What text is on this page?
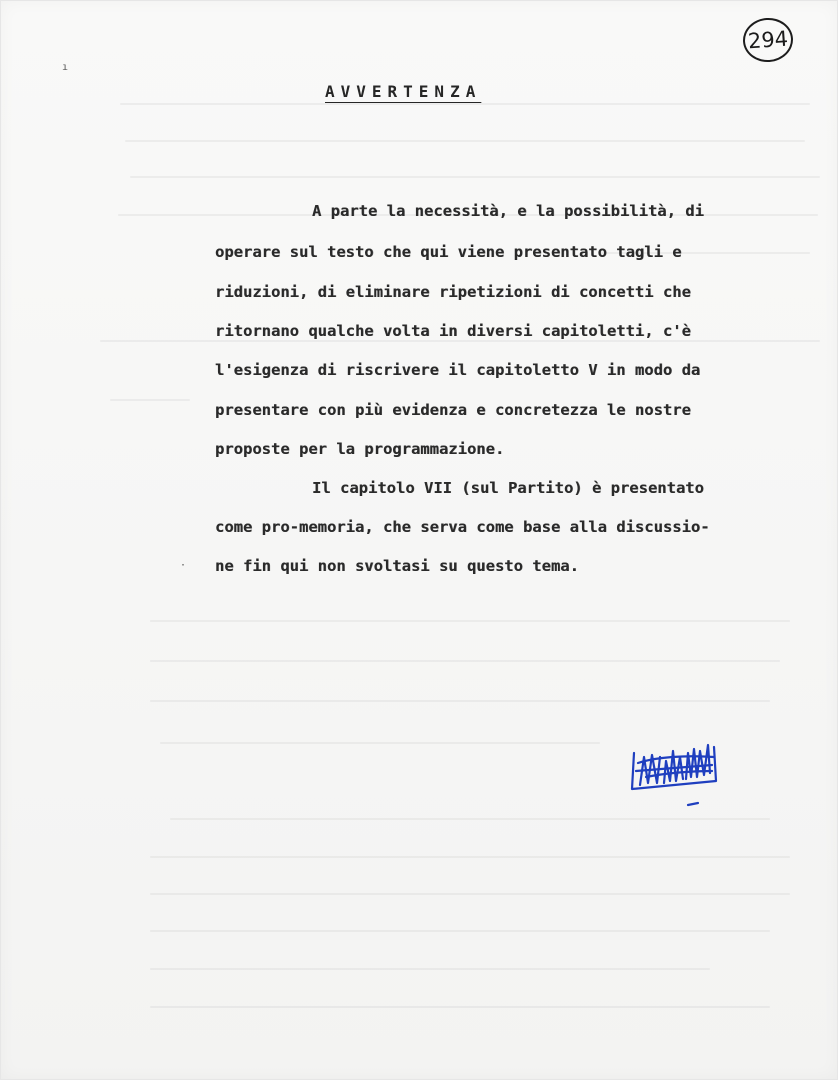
ı
·
294
AVVERTENZA

A parte la necessità, e la possibilità, di

operare sul testo che qui viene presentato tagli e

riduzioni, di eliminare ripetizioni di concetti che

ritornano qualche volta in diversi capitoletti, c'è

l'esigenza di riscrivere il capitoletto V in modo da

presentare con più evidenza e concretezza le nostre

proposte per la programmazione.

Il capitolo VII (sul Partito) è presentato

come pro-memoria, che serva come base alla discussio-

ne fin qui non svoltasi su questo tema.
